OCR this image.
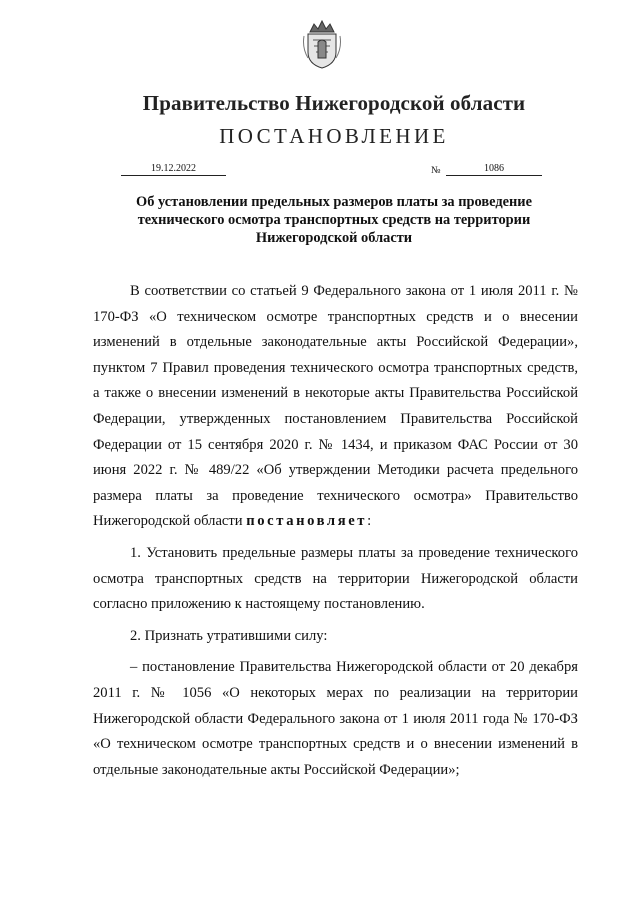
Правительство Нижегородской области
ПОСТАНОВЛЕНИЕ
19.12.2022	№	1086
Об установлении предельных размеров платы за проведение
технического осмотра транспортных средств на территории
Нижегородской области

В соответствии со статьей 9 Федерального закона от 1 июля 2011 г. № 170-ФЗ «О техническом осмотре транспортных средств и о внесении изменений в отдельные законодательные акты Российской Федерации», пунктом 7 Правил проведения технического осмотра транспортных средств, а также о внесении изменений в некоторые акты Правительства Российской Федерации, утвержденных постановлением Правительства Российской Федерации от 15 сентября 2020 г. № 1434, и приказом ФАС России от 30 июня 2022 г. № 489/22 «Об утверждении Методики расчета предельного размера платы за проведение технического осмотра» Правительство Нижегородской области постановляет:

1. Установить предельные размеры платы за проведение технического осмотра транспортных средств на территории Нижегородской области согласно приложению к настоящему постановлению.

2. Признать утратившими силу:

– постановление Правительства Нижегородской области от 20 декабря 2011 г. № 1056 «О некоторых мерах по реализации на территории Нижегородской области Федерального закона от 1 июля 2011 года № 170-ФЗ «О техническом осмотре транспортных средств и о внесении изменений в отдельные законодательные акты Российской Федерации»;
